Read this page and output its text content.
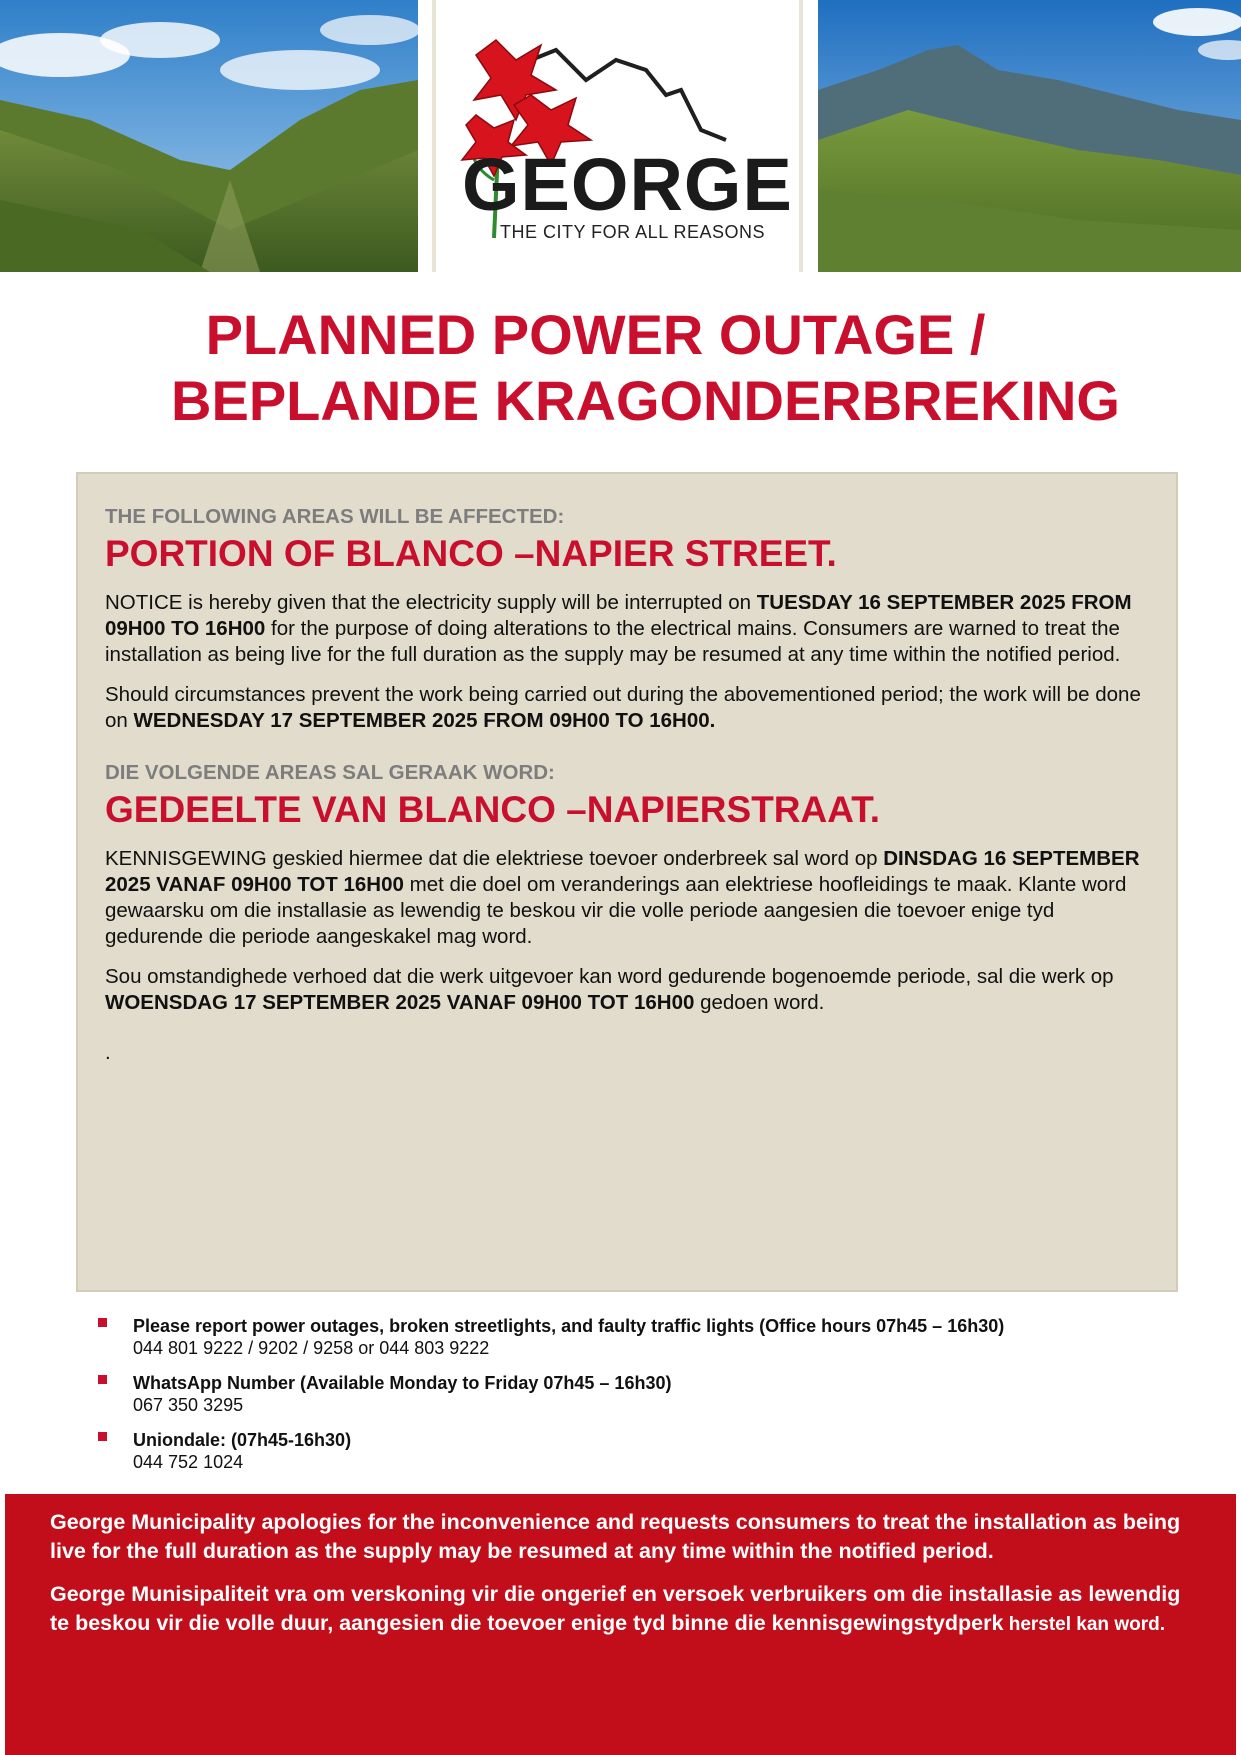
GEORGE
THE CITY FOR ALL REASONS
PLANNED POWER OUTAGE /
BEPLANDE KRAGONDERBREKING

THE FOLLOWING AREAS WILL BE AFFECTED:

PORTION OF BLANCO –NAPIER STREET.

NOTICE is hereby given that the electricity supply will be interrupted on TUESDAY 16 SEPTEMBER 2025 FROM 09H00 TO 16H00 for the purpose of doing alterations to the electrical mains. Consumers are warned to treat the installation as being live for the full duration as the supply may be resumed at any time within the notified period.

Should circumstances prevent the work being carried out during the abovementioned period; the work will be done on WEDNESDAY 17 SEPTEMBER 2025 FROM 09H00 TO 16H00.

DIE VOLGENDE AREAS SAL GERAAK WORD:

GEDEELTE VAN BLANCO –NAPIERSTRAAT.

KENNISGEWING geskied hiermee dat die elektriese toevoer onderbreek sal word op DINSDAG 16 SEPTEMBER 2025 VANAF 09H00 TOT 16H00 met die doel om veranderings aan elektriese hoofleidings te maak. Klante word gewaarsku om die installasie as lewendig te beskou vir die volle periode aangesien die toevoer enige tyd gedurende die periode aangeskakel mag word.

Sou omstandighede verhoed dat die werk uitgevoer kan word gedurende bogenoemde periode, sal die werk op WOENSDAG 17 SEPTEMBER 2025 VANAF 09H00 TOT 16H00 gedoen word.

.

Please report power outages, broken streetlights, and faulty traffic lights (Office hours 07h45 – 16h30)
044 801 9222 / 9202 / 9258 or 044 803 9222
WhatsApp Number (Available Monday to Friday 07h45 – 16h30)
067 350 3295
Uniondale: (07h45-16h30)
044 752 1024

George Municipality apologies for the inconvenience and requests consumers to treat the installation as being live for the full duration as the supply may be resumed at any time within the notified period.

George Munisipaliteit vra om verskoning vir die ongerief en versoek verbruikers om die installasie as lewendig te beskou vir die volle duur, aangesien die toevoer enige tyd binne die kennisgewingstydperk herstel kan word.
